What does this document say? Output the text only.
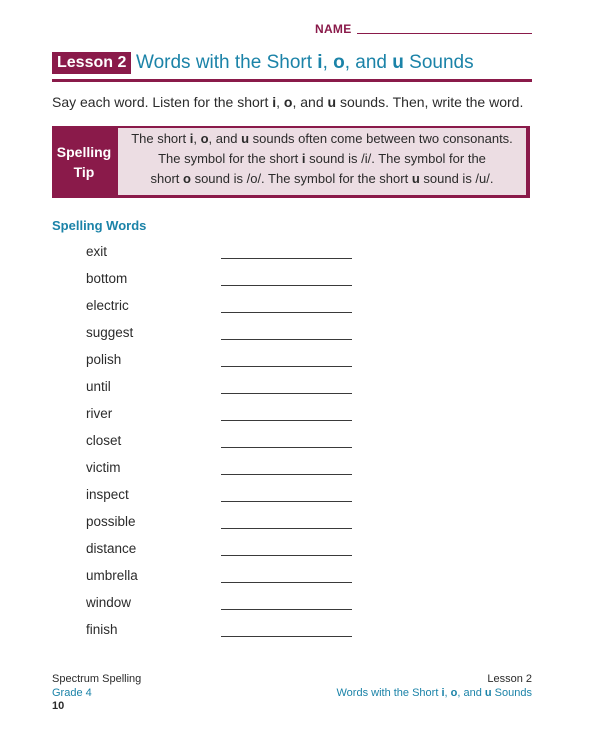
NAME
Lesson 2 Words with the Short i, o, and u Sounds
Say each word. Listen for the short i, o, and u sounds. Then, write the word.
Spelling
Tip
The short i, o, and u sounds often come between two consonants.
The symbol for the short i sound is /i/. The symbol for the
short o sound is /o/. The symbol for the short u sound is /u/.
Spelling Words
exit
bottom
electric
suggest
polish
until
river
closet
victim
inspect
possible
distance
umbrella
window
finish
Spectrum Spelling
Grade 4
10
Lesson 2
Words with the Short i, o, and u Sounds
